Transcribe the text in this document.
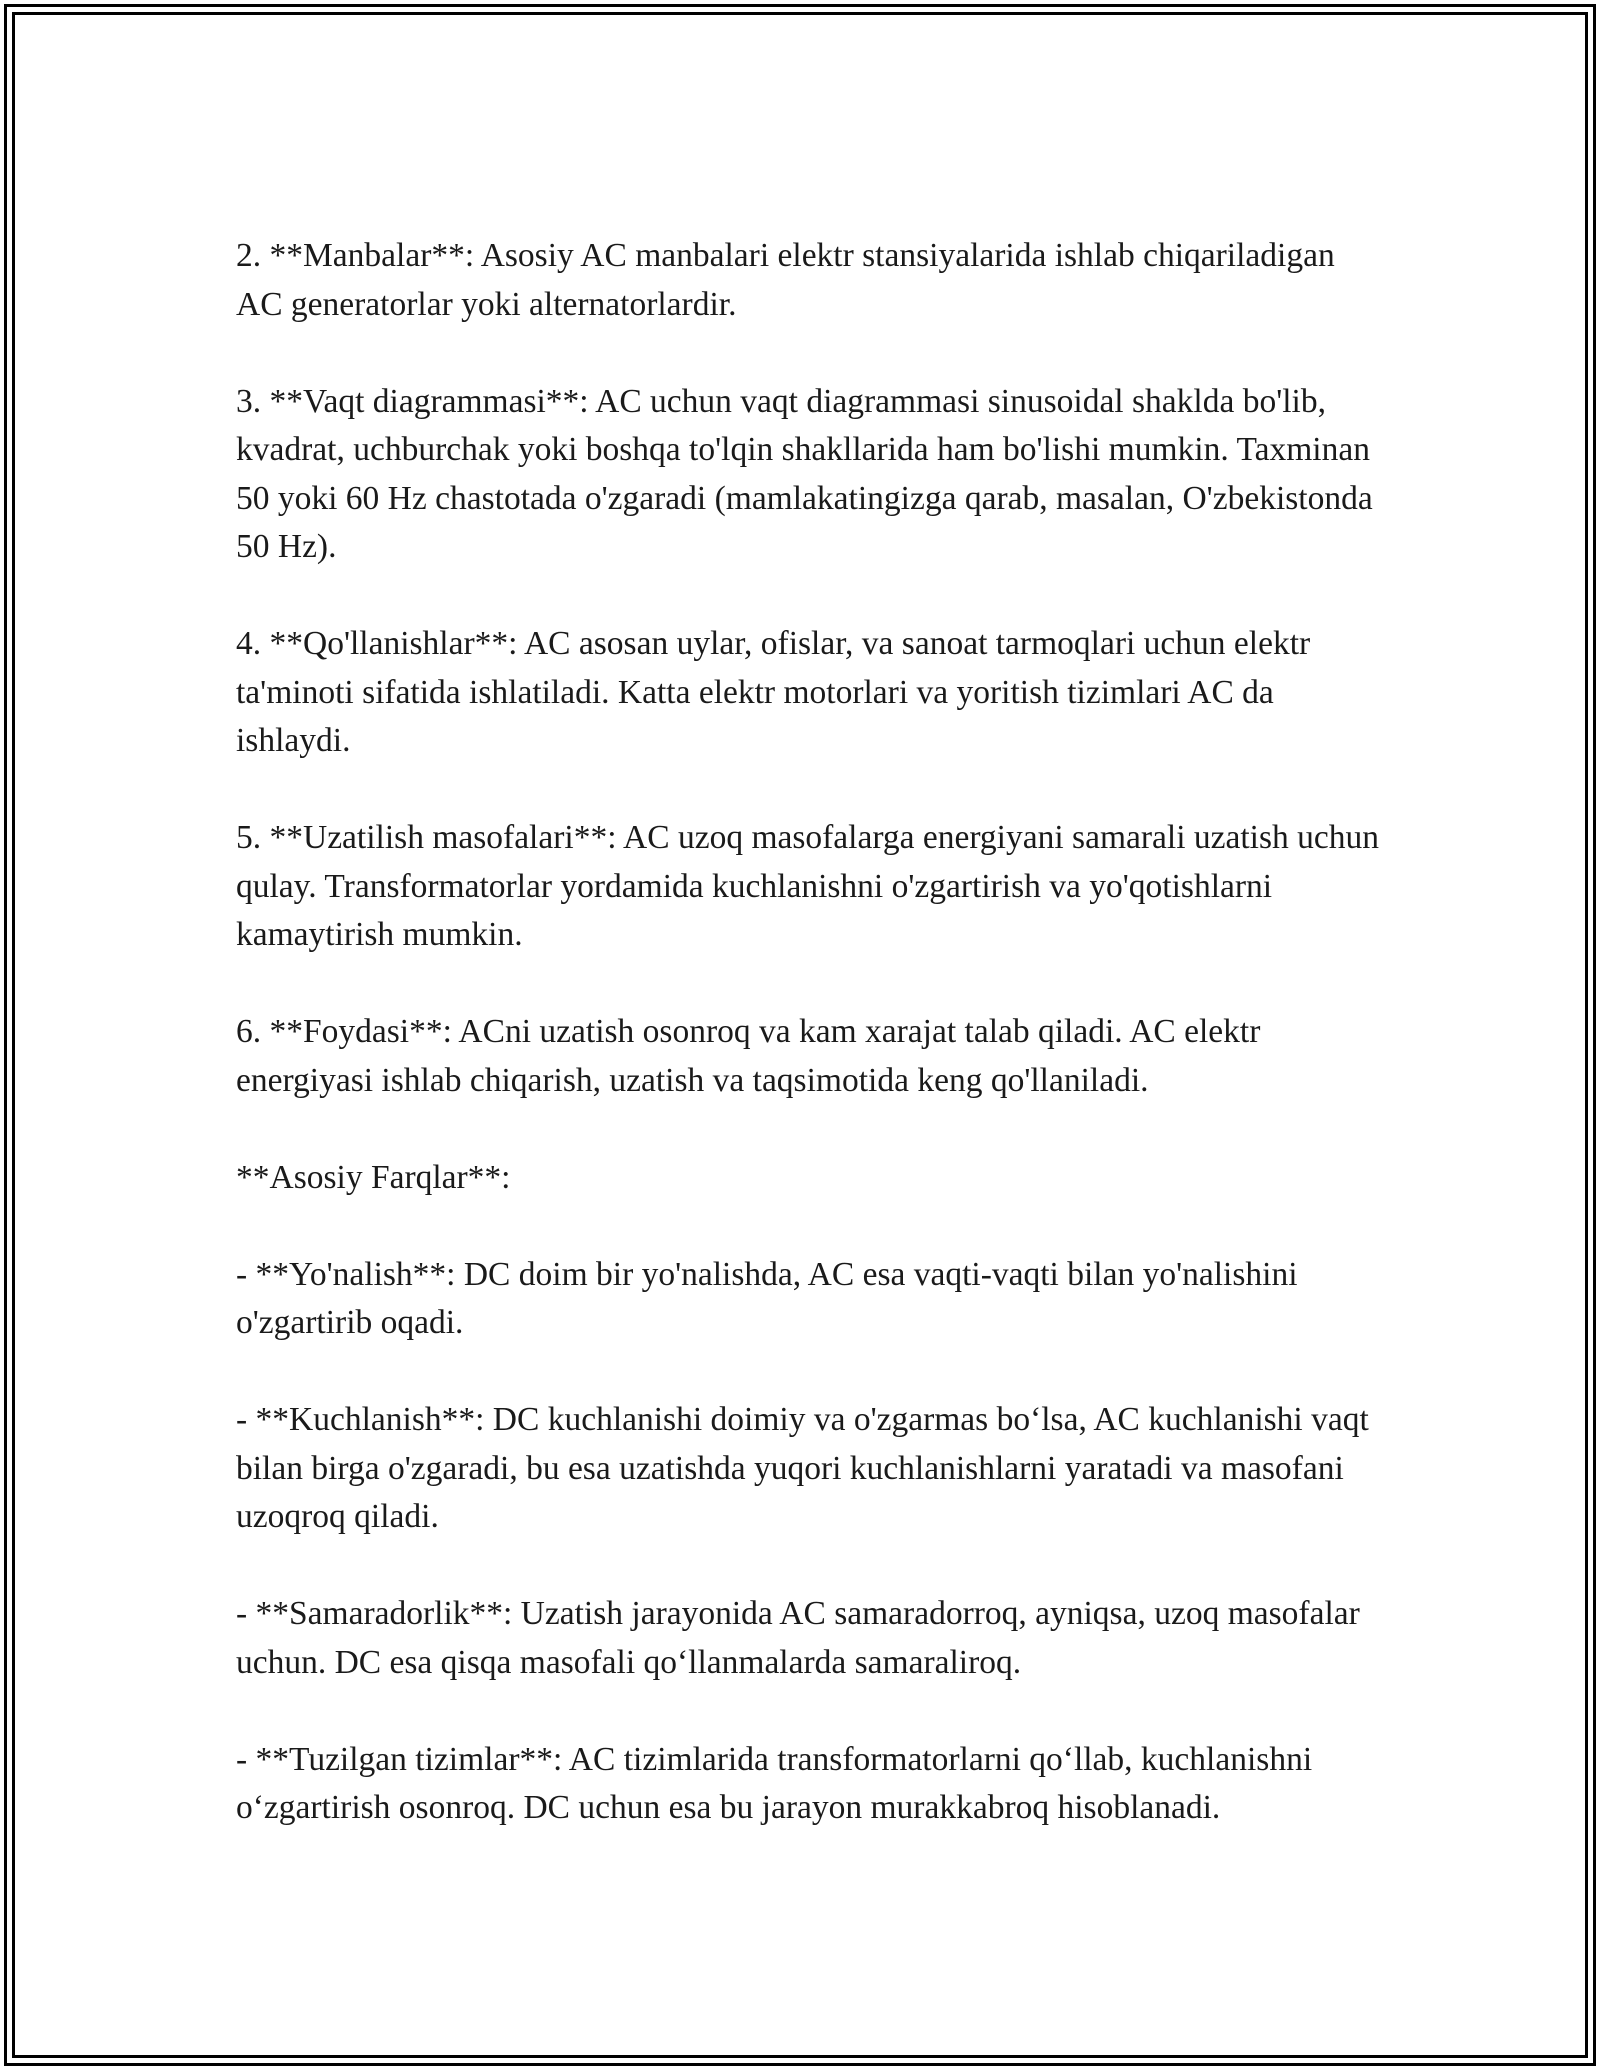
2. **Manbalar**: Asosiy AC manbalari elektr stansiyalarida ishlab chiqariladigan AC generatorlar yoki alternatorlardir.

3. **Vaqt diagrammasi**: AC uchun vaqt diagrammasi sinusoidal shaklda bo'lib, kvadrat, uchburchak yoki boshqa to'lqin shakllarida ham bo'lishi mumkin. Taxminan 50 yoki 60 Hz chastotada o'zgaradi (mamlakatingizga qarab, masalan, O'zbekistonda 50 Hz).

4. **Qo'llanishlar**: AC asosan uylar, ofislar, va sanoat tarmoqlari uchun elektr ta'minoti sifatida ishlatiladi. Katta elektr motorlari va yoritish tizimlari AC da ishlaydi.

5. **Uzatilish masofalari**: AC uzoq masofalarga energiyani samarali uzatish uchun qulay. Transformatorlar yordamida kuchlanishni o'zgartirish va yo'qotishlarni kamaytirish mumkin.

6. **Foydasi**: ACni uzatish osonroq va kam xarajat talab qiladi. AC elektr energiyasi ishlab chiqarish, uzatish va taqsimotida keng qo'llaniladi.

**Asosiy Farqlar**:

- **Yo'nalish**: DC doim bir yo'nalishda, AC esa vaqti-vaqti bilan yo'nalishini o'zgartirib oqadi.

- **Kuchlanish**: DC kuchlanishi doimiy va o'zgarmas bo‘lsa, AC kuchlanishi vaqt bilan birga o'zgaradi, bu esa uzatishda yuqori kuchlanishlarni yaratadi va masofani uzoqroq qiladi.

- **Samaradorlik**: Uzatish jarayonida AC samaradorroq, ayniqsa, uzoq masofalar uchun. DC esa qisqa masofali qo‘llanmalarda samaraliroq.

- **Tuzilgan tizimlar**: AC tizimlarida transformatorlarni qo‘llab, kuchlanishni o‘zgartirish osonroq. DC uchun esa bu jarayon murakkabroq hisoblanadi.
